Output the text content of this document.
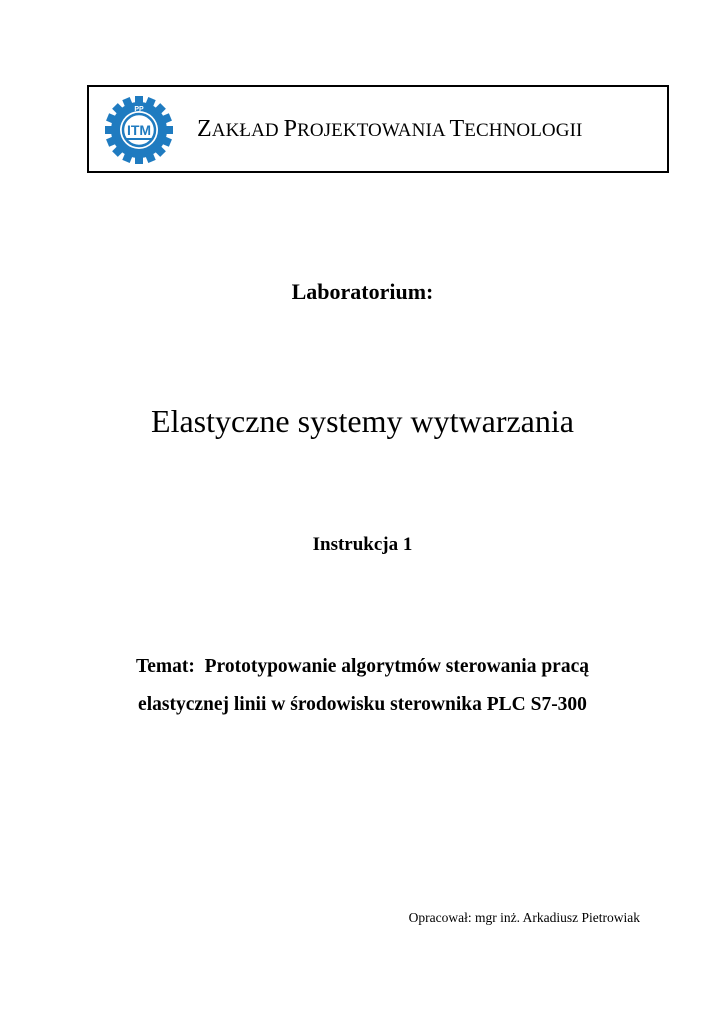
PP
ITM ZAKŁAD PROJEKTOWANIA TECHNOLOGII
Laboratorium:
Elastyczne systemy wytwarzania
Instrukcja 1
Temat:  Prototypowanie algorytmów sterowania pracą
elastycznej linii w środowisku sterownika PLC S7-300
Opracował: mgr inż. Arkadiusz Pietrowiak
